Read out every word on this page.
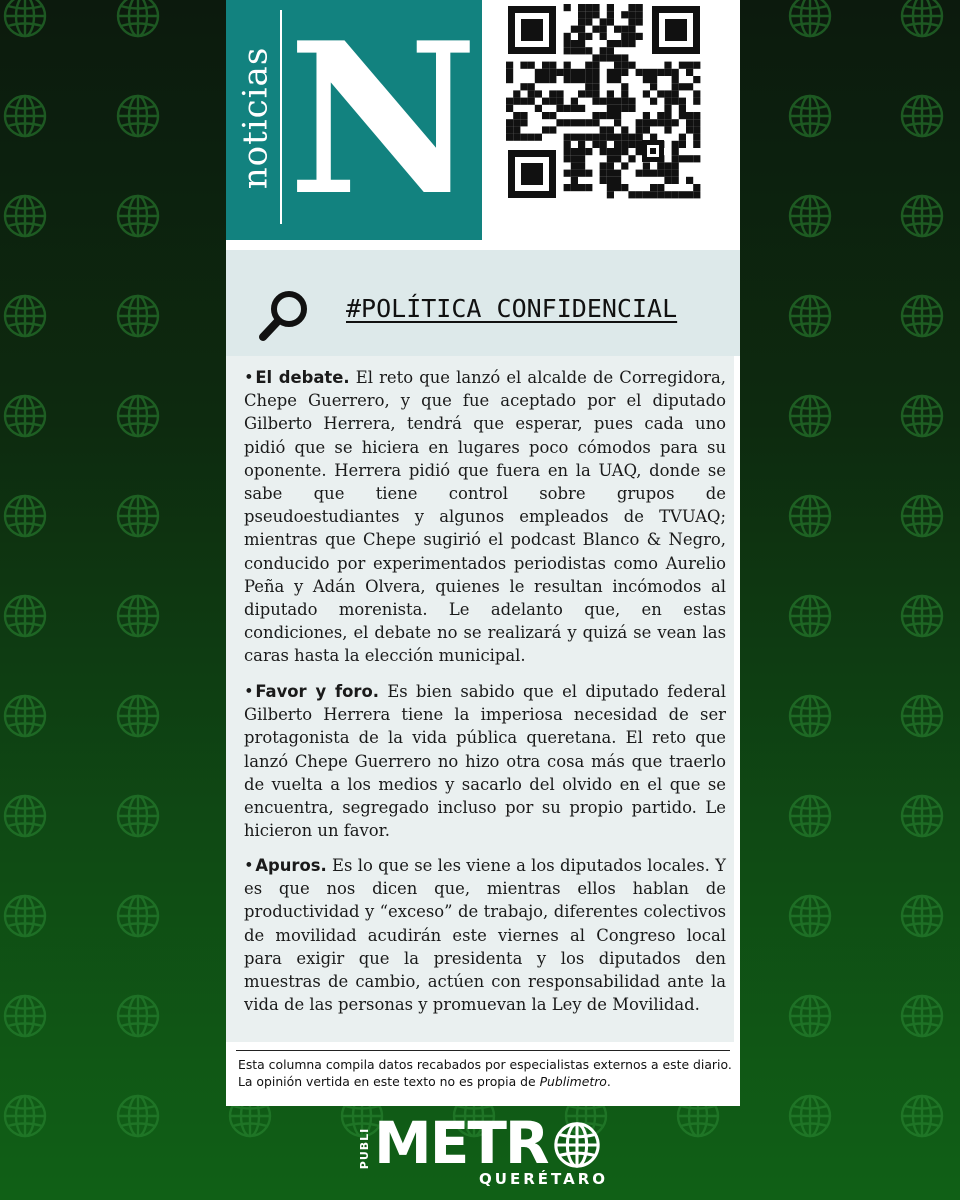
noticias N
#POLÍTICA CONFIDENCIAL

• El debate. El reto que lanzó el alcalde de Corregidora, Chepe Guerrero, y que fue aceptado por el diputado Gilberto Herrera, tendrá que esperar, pues cada uno pidió que se hiciera en lugares poco cómodos para su oponente. Herrera pidió que fuera en la UAQ, donde se sabe que tiene control sobre grupos de pseudoestudiantes y algunos empleados de TVUAQ; mientras que Chepe sugirió el podcast Blanco & Negro, conducido por experimentados periodistas como Aurelio Peña y Adán Olvera, quienes le resultan incómodos al diputado morenista. Le adelanto que, en estas condiciones, el debate no se realizará y quizá se vean las caras hasta la elección municipal.

• Favor y foro. Es bien sabido que el diputado federal Gilberto Herrera tiene la imperiosa necesidad de ser protagonista de la vida pública queretana. El reto que lanzó Chepe Guerrero no hizo otra cosa más que traerlo de vuelta a los medios y sacarlo del olvido en el que se encuentra, segregado incluso por su propio partido. Le hicieron un favor.

• Apuros. Es lo que se les viene a los diputados locales. Y es que nos dicen que, mientras ellos hablan de productividad y “exceso” de trabajo, diferentes colectivos de movilidad acudirán este viernes al Congreso local para exigir que la presidenta y los diputados den muestras de cambio, actúen con responsabilidad ante la vida de las personas y promuevan la Ley de Movilidad.

Esta columna compila datos recabados por especialistas externos a este diario.
La opinión vertida en este texto no es propia de Publimetro.
PUBLI METR
QUERÉTARO
